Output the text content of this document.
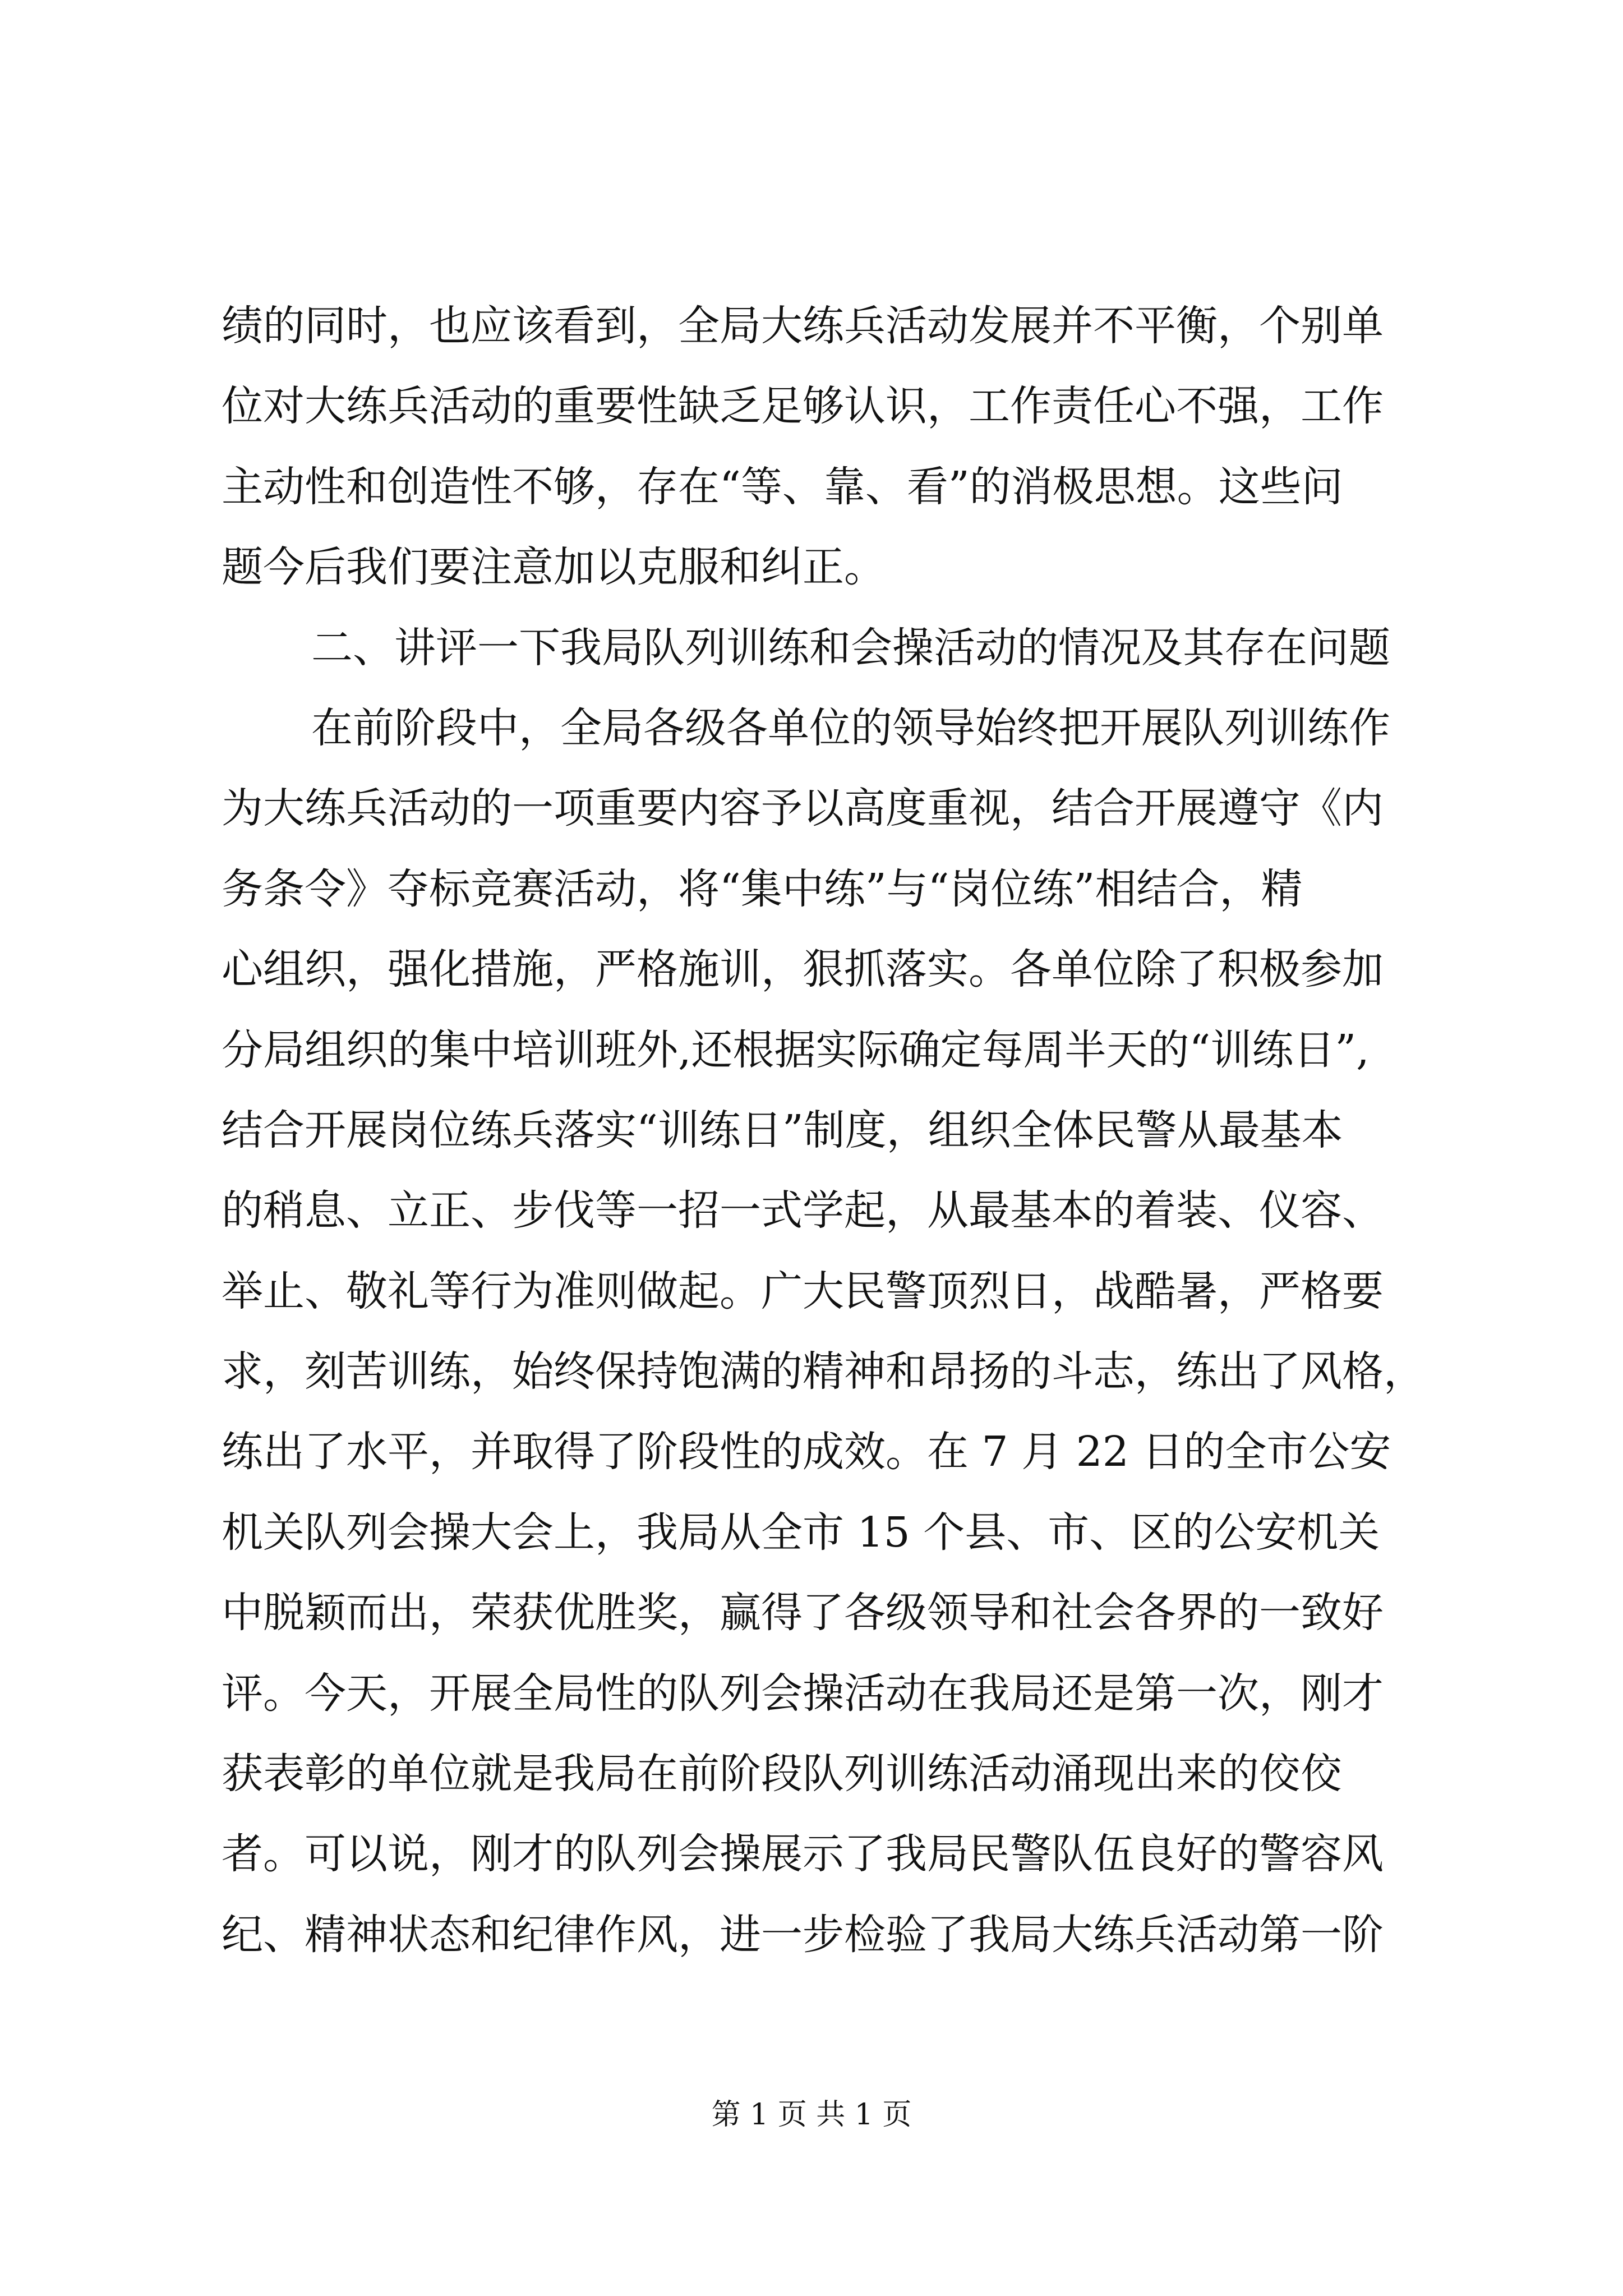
绩的同时，也应该看到，全局大练兵活动发展并不平衡，个别单
位对大练兵活动的重要性缺乏足够认识，工作责任心不强，工作
主动性和创造性不够，存在“等、靠、看”的消极思想。这些问
题今后我们要注意加以克服和纠正。
二、讲评一下我局队列训练和会操活动的情况及其存在问题
在前阶段中，全局各级各单位的领导始终把开展队列训练作
为大练兵活动的一项重要内容予以高度重视，结合开展遵守《内
务条令》夺标竞赛活动，将“集中练”与“岗位练”相结合，精
心组织，强化措施，严格施训，狠抓落实。各单位除了积极参加
分局组织的集中培训班外,还根据实际确定每周半天的“训练日”,
结合开展岗位练兵落实“训练日”制度，组织全体民警从最基本
的稍息、立正、步伐等一招一式学起，从最基本的着装、仪容、
举止、敬礼等行为准则做起。广大民警顶烈日，战酷暑，严格要
求，刻苦训练，始终保持饱满的精神和昂扬的斗志，练出了风格，
练出了水平，并取得了阶段性的成效。在 7 月 22 日的全市公安
机关队列会操大会上，我局从全市 15 个县、市、区的公安机关
中脱颖而出，荣获优胜奖，赢得了各级领导和社会各界的一致好
评。今天，开展全局性的队列会操活动在我局还是第一次，刚才
获表彰的单位就是我局在前阶段队列训练活动涌现出来的佼佼
者。可以说，刚才的队列会操展示了我局民警队伍良好的警容风
纪、精神状态和纪律作风，进一步检验了我局大练兵活动第一阶
第 1 页 共 1 页
